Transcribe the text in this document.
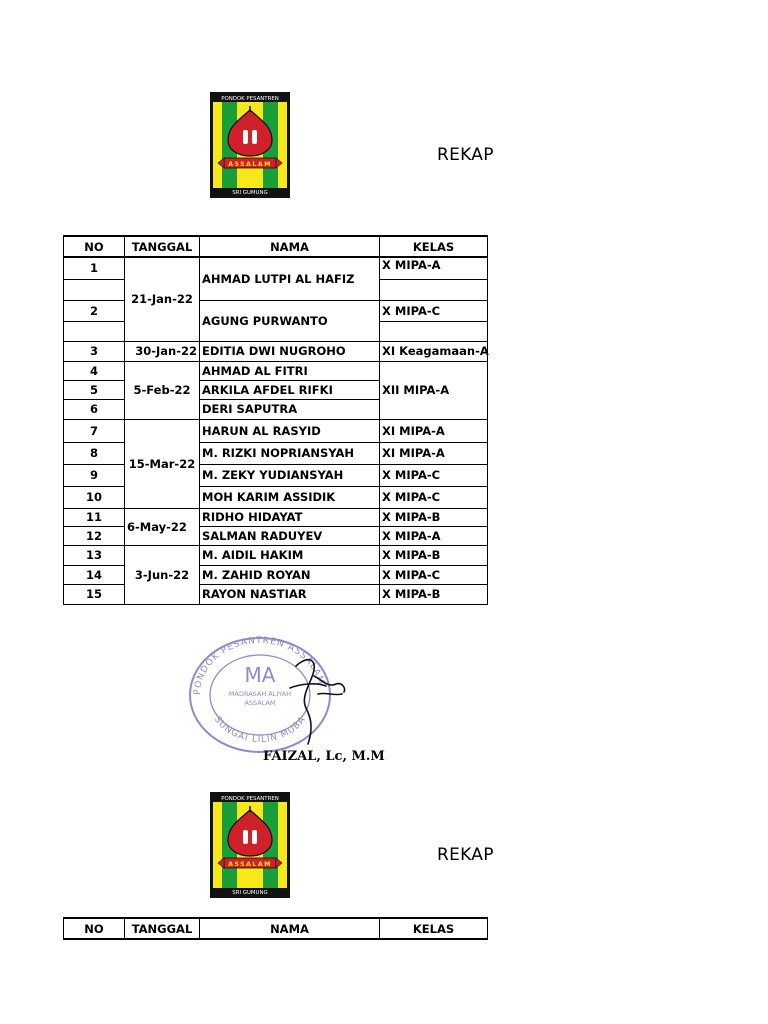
PONDOK PESANTREN
ASSALAM
SRI GUMUNG
REKAP
NO	TANGGAL	NAMA	KELAS
1	21-Jan-22	AHMAD LUTPI AL HAFIZ	X MIPA-A

2		AGUNG PURWANTO	X MIPA-C

3	30-Jan-22	EDITIA DWI NUGROHO	XI Keagamaan-A
4	5-Feb-22	AHMAD AL FITRI	XII MIPA-A
5		ARKILA AFDEL RIFKI	
6		DERI SAPUTRA	
7	15-Mar-22	HARUN AL RASYID	XI MIPA-A
8		M. RIZKI NOPRIANSYAH	XI MIPA-A
9		M. ZEKY YUDIANSYAH	X MIPA-C
10		MOH KARIM ASSIDIK	X MIPA-C
11	6-May-22	RIDHO HIDAYAT	X MIPA-B
12		SALMAN RADUYEV	X MIPA-A
13	3-Jun-22	M. AIDIL HAKIM	X MIPA-B
14		M. ZAHID ROYAN	X MIPA-C
15		RAYON NASTIAR	X MIPA-B
REKAP
NO	TANGGAL	NAMA	KELAS
PONDOK PESANTREN ASSALAM
SUNGAI LILIN MUBA
MA
MADRASAH ALIYAH
ASSALAM
FAIZAL, Lc, M.M
PONDOK PESANTREN
ASSALAM
SRI GUMUNG
